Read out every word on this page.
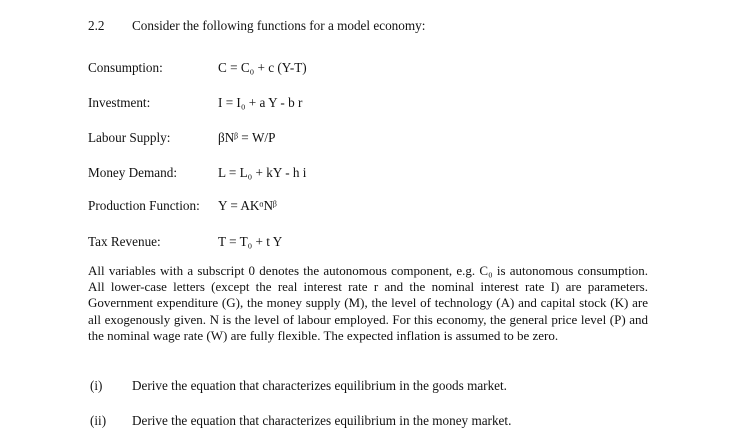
2.2 Consider the following functions for a model economy:
Consumption:	C = C₀ + c (Y-T)
Investment:	I = I₀ + a Y - b r
Labour Supply:	βNᵝ = W/P
Money Demand:	L = L₀ + kY - h i
Production Function: Y = AKᵅNᵝ
Tax Revenue:	T = T₀ + t Y
All variables with a subscript 0 denotes the autonomous component, e.g. C₀ is autonomous consumption. All lower-case letters (except the real interest rate r and the nominal interest rate I) are parameters. Government expenditure (G), the money supply (M), the level of technology (A) and capital stock (K) are all exogenously given. N is the level of labour employed. For this economy, the general price level (P) and the nominal wage rate (W) are fully flexible. The expected inflation is assumed to be zero.
(i) Derive the equation that characterizes equilibrium in the goods market.
(ii) Derive the equation that characterizes equilibrium in the money market.
